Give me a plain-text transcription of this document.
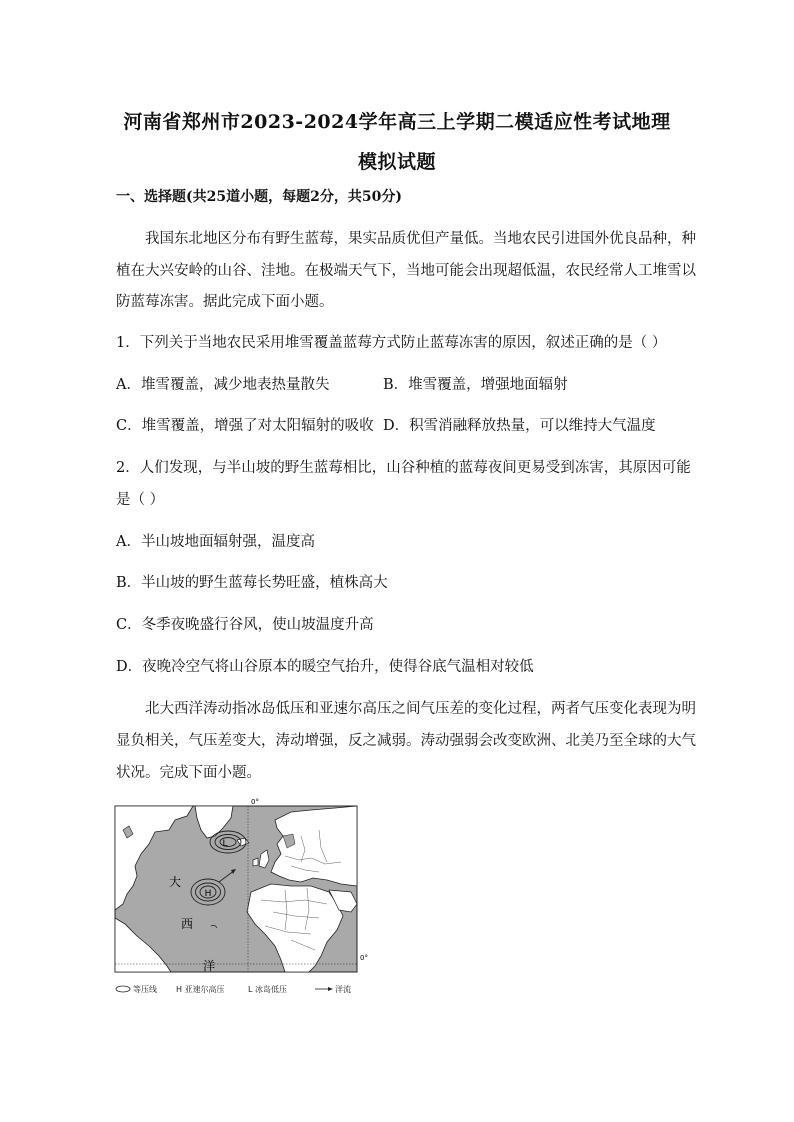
河南省郑州市2023-2024学年高三上学期二模适应性考试地理
模拟试题
一、选择题(共25道小题，每题2分，共50分)
我国东北地区分布有野生蓝莓，果实品质优但产量低。当地农民引进国外优良品种，种
植在大兴安岭的山谷、洼地。在极端天气下，当地可能会出现超低温，农民经常人工堆雪以
防蓝莓冻害。据此完成下面小题。
1．下列关于当地农民采用堆雪覆盖蓝莓方式防止蓝莓冻害的原因，叙述正确的是（ ）
A．堆雪覆盖，减少地表热量散失	B．堆雪覆盖，增强地面辐射
C．堆雪覆盖，增强了对太阳辐射的吸收 D．积雪消融释放热量，可以维持大气温度
2．人们发现，与半山坡的野生蓝莓相比，山谷种植的蓝莓夜间更易受到冻害，其原因可能
是（ ）
A．半山坡地面辐射强，温度高
B．半山坡的野生蓝莓长势旺盛，植株高大
C．冬季夜晚盛行谷风，使山坡温度升高
D．夜晚冷空气将山谷原本的暖空气抬升，使得谷底气温相对较低
北大西洋涛动指冰岛低压和亚速尔高压之间气压差的变化过程，两者气压变化表现为明
显负相关，气压差变大，涛动增强，反之减弱。涛动强弱会改变欧洲、北美乃至全球的大气
状况。完成下面小题。
L
H
大
西
洋
0°
0°
等压线 H 亚速尔高压	L 冰岛低压	洋流
